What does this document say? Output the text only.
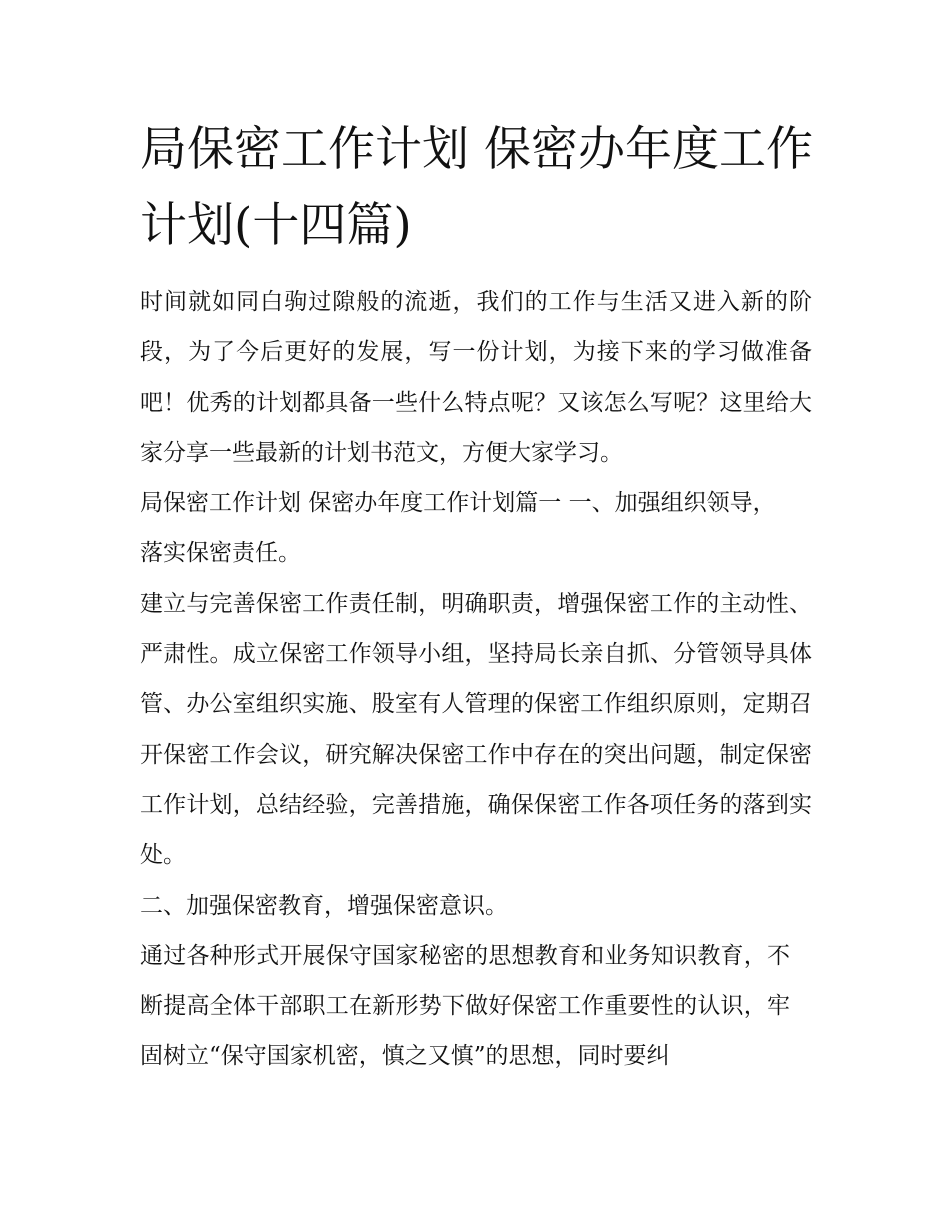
局保密工作计划 保密办年度工作计划(十四篇)

时间就如同白驹过隙般的流逝，我们的工作与生活又进入新的阶段，为了今后更好的发展，写一份计划，为接下来的学习做准备吧！优秀的计划都具备一些什么特点呢？又该怎么写呢？这里给大家分享一些最新的计划书范文，方便大家学习。

局保密工作计划 保密办年度工作计划篇一 一、加强组织领导，落实保密责任。

建立与完善保密工作责任制，明确职责，增强保密工作的主动性、严肃性。成立保密工作领导小组，坚持局长亲自抓、分管领导具体管、办公室组织实施、股室有人管理的保密工作组织原则，定期召开保密工作会议，研究解决保密工作中存在的突出问题，制定保密工作计划，总结经验，完善措施，确保保密工作各项任务的落到实处。

二、加强保密教育，增强保密意识。

通过各种形式开展保守国家秘密的思想教育和业务知识教育，不断提高全体干部职工在新形势下做好保密工作重要性的认识，牢固树立“保守国家机密，慎之又慎”的思想，同时要纠
